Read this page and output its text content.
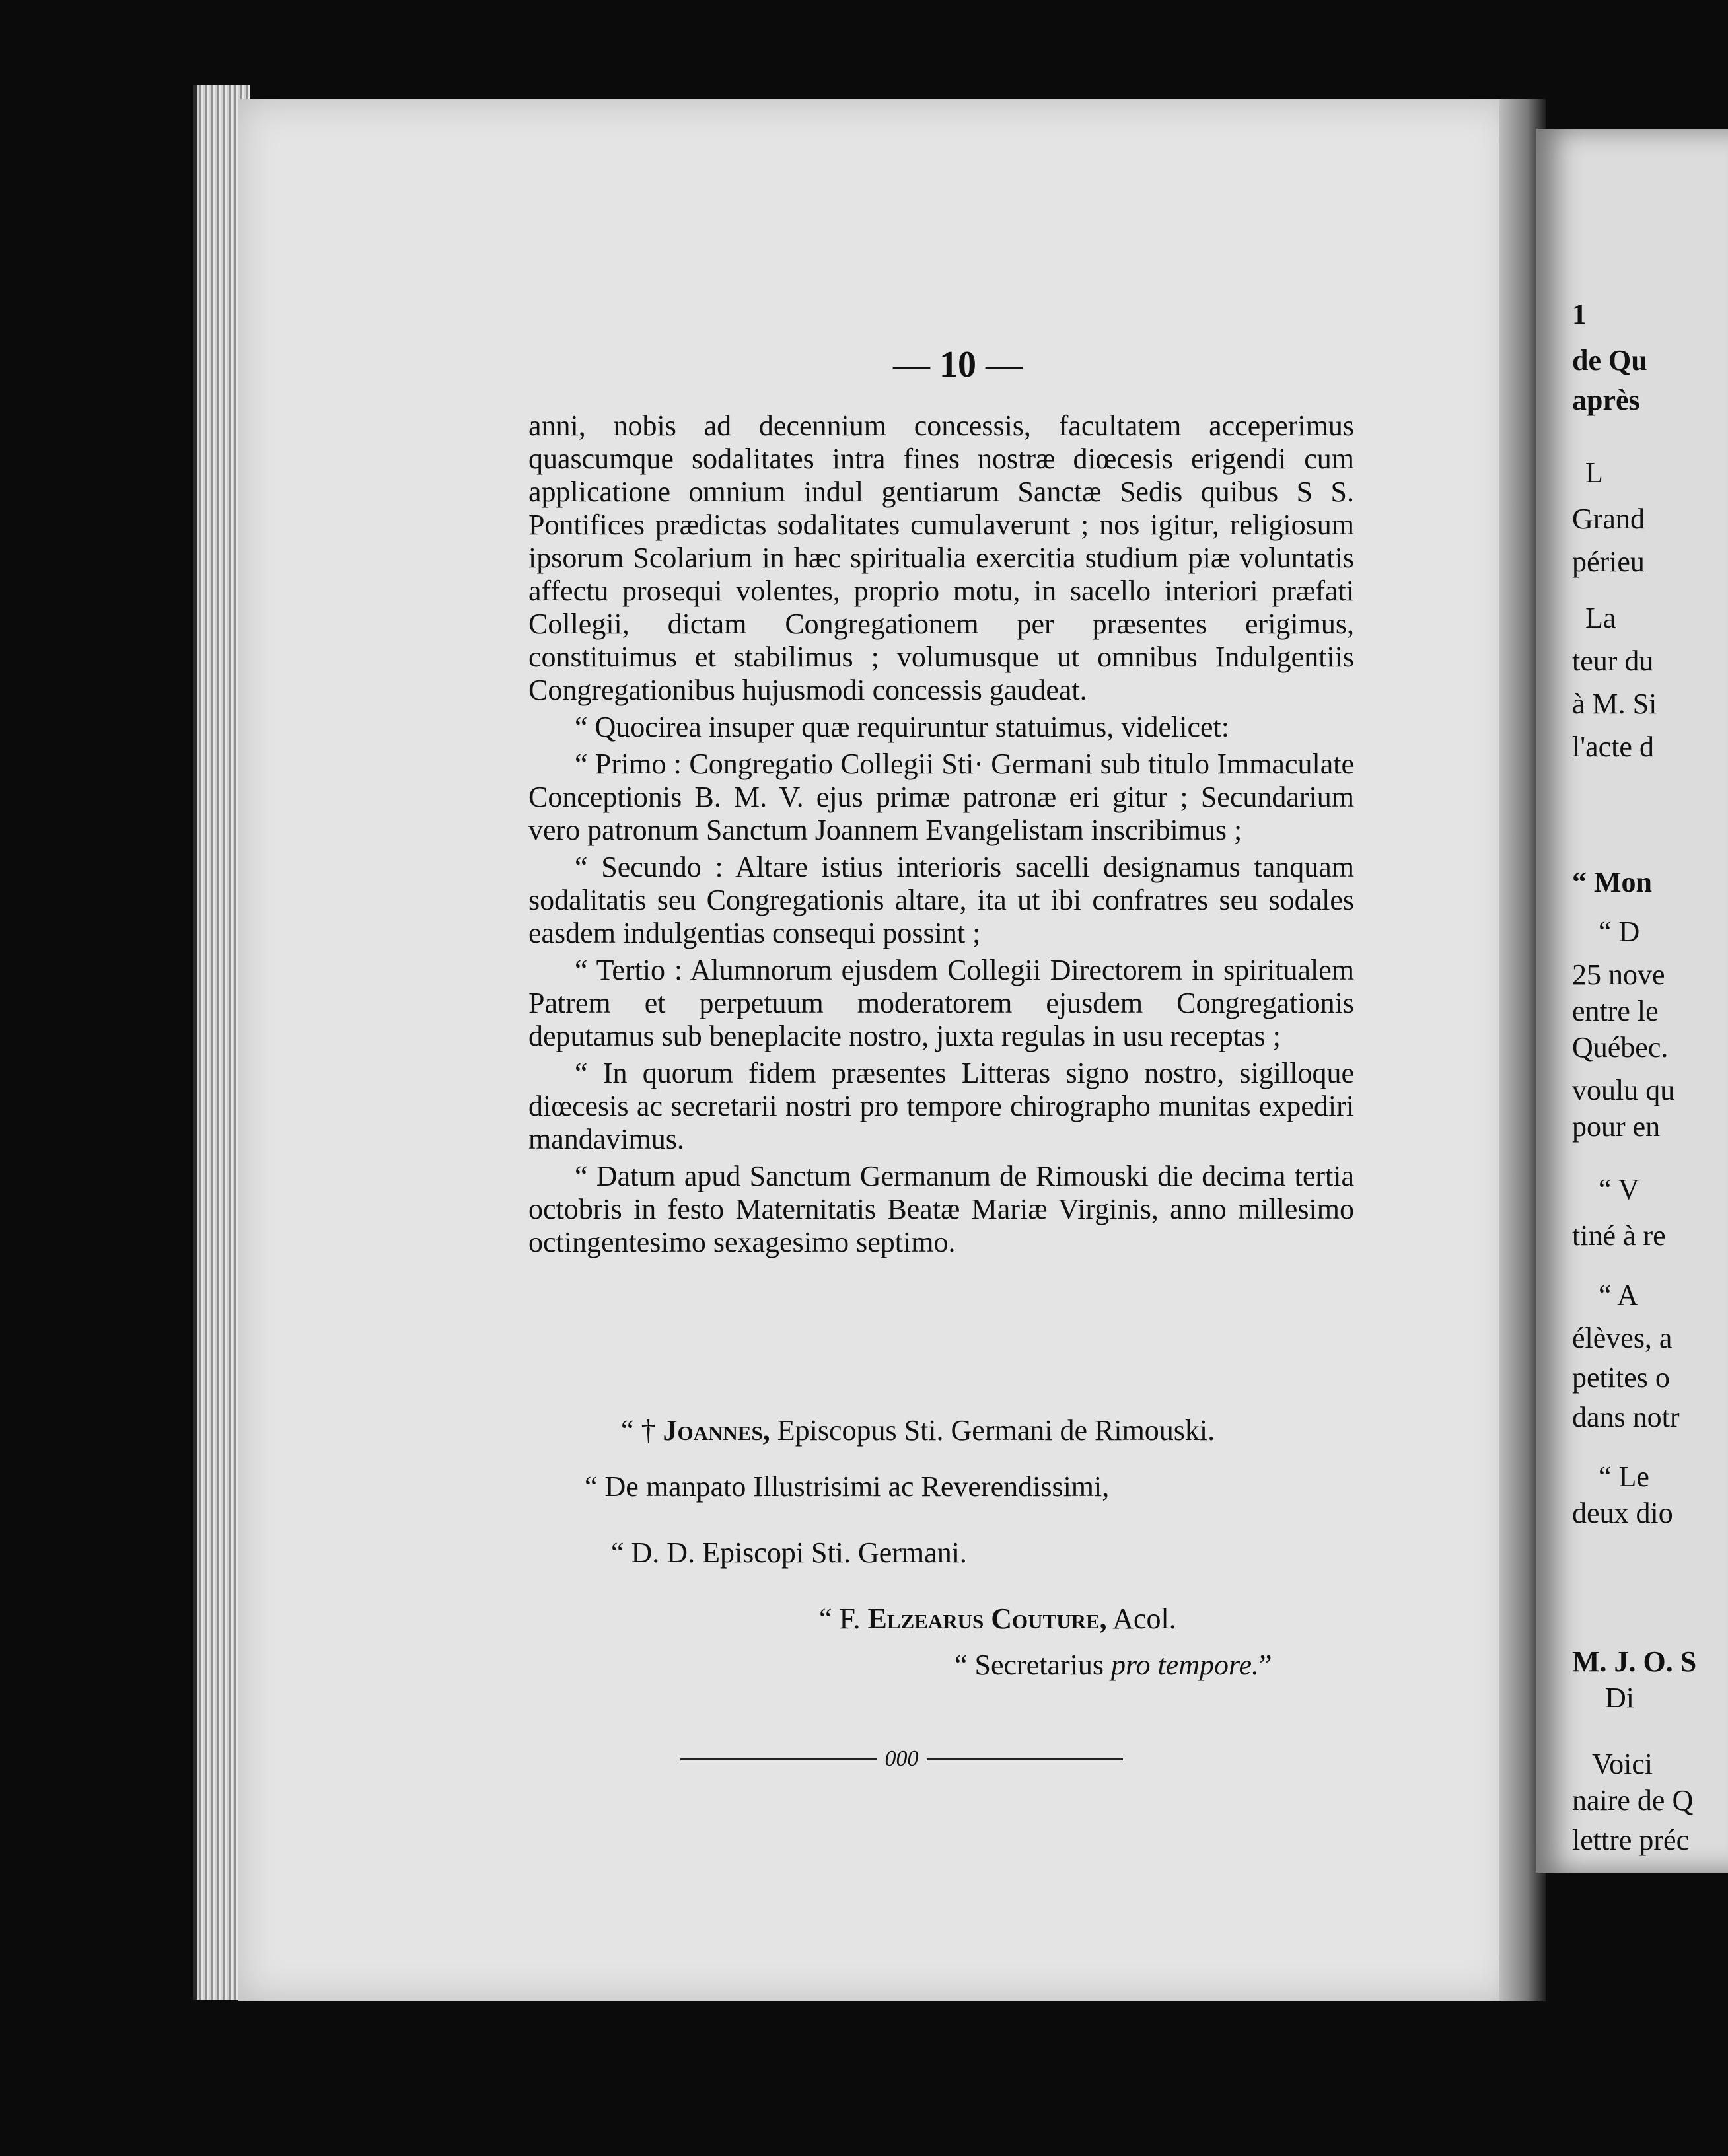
— 10 —

anni, nobis ad decennium concessis, facultatem acceperimus quascumque sodalitates intra fines nostræ diœcesis erigendi cum applicatione omnium indul gentiarum Sanctæ Sedis quibus S S. Pontifices prædictas sodalitates cumulaverunt ; nos igitur, religiosum ipsorum Scolarium in hæc spiritualia exercitia studium piæ voluntatis affectu prosequi volentes, proprio motu, in sacello interiori præfati Collegii, dictam Congregationem per præsentes erigimus, constituimus et stabilimus ; volumusque ut omnibus Indulgentiis Congregationibus hujusmodi concessis gaudeat.

“ Quocirea insuper quæ requiruntur statuimus, videlicet:

“ Primo : Congregatio Collegii Sti· Germani sub titulo Immaculate Conceptionis B. M. V. ejus primæ patronæ eri gitur ; Secundarium vero patronum Sanctum Joannem Evangelistam inscribimus ;

“ Secundo : Altare istius interioris sacelli designamus tanquam sodalitatis seu Congregationis altare, ita ut ibi confratres seu sodales easdem indulgentias consequi possint ;

“ Tertio : Alumnorum ejusdem Collegii Directorem in spiritualem Patrem et perpetuum moderatorem ejusdem Congregationis deputamus sub beneplacite nostro, juxta regulas in usu receptas ;

“ In quorum fidem præsentes Litteras signo nostro, sigilloque diœcesis ac secretarii nostri pro tempore chirographo munitas expediri mandavimus.

“ Datum apud Sanctum Germanum de Rimouski die decima tertia octobris in festo Maternitatis Beatæ Mariæ Virginis, anno millesimo octingentesimo sexagesimo septimo.

“ † Joannes, Episcopus Sti. Germani de Rimouski.
“ De manpato Illustrisimi ac Reverendissimi,
“ D. D. Episcopi Sti. Germani.
“ F. Elzearus Couture, Acol.
“ Secretarius pro tempore.”
000
1
de Qu
après
L
Grand
périeu
La
teur du
à M. Si
l'acte d
“ Mon
“ D
25 nove
entre le
Québec.
voulu qu
pour en
“ V
tiné à re
“ A
élèves, a
petites o
dans notr
“ Le
deux dio
M. J. O. S
Di
Voici
naire de Q
lettre préc
